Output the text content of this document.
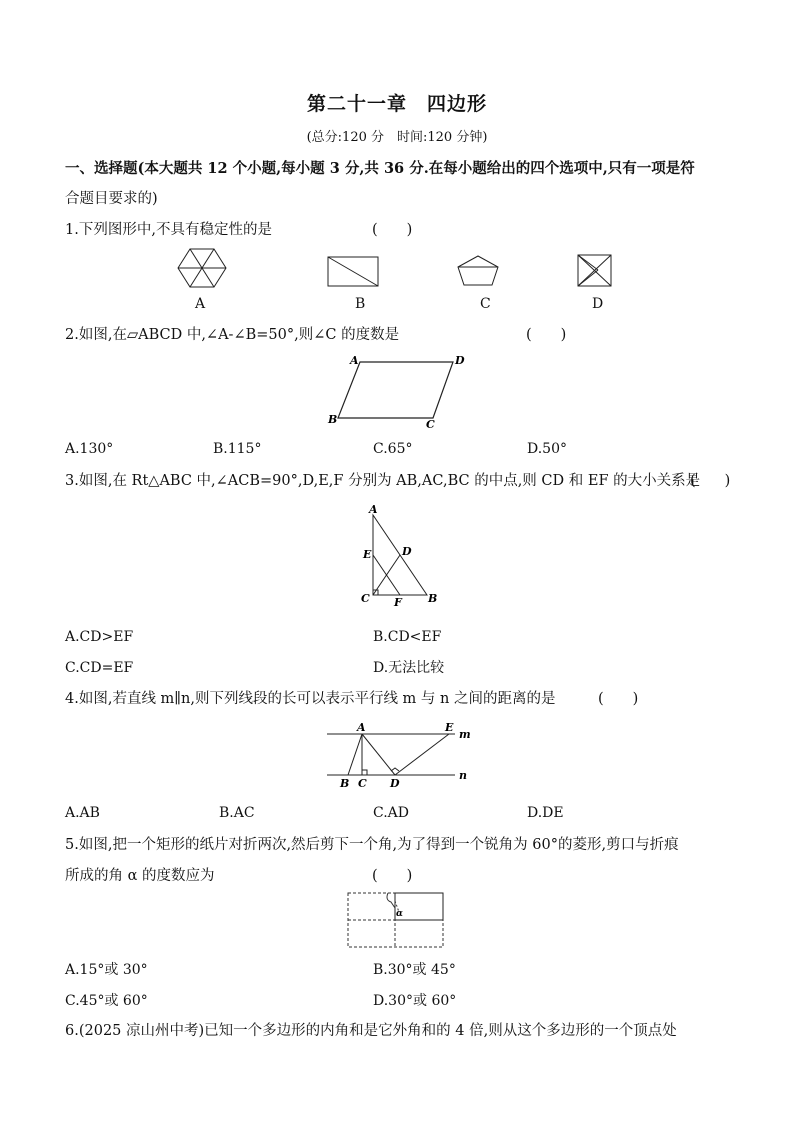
第二十一章　四边形
(总分:120 分　时间:120 分钟)
一、选择题(本大题共 12 个小题,每小题 3 分,共 36 分.在每小题给出的四个选项中,只有一项是符
合题目要求的)
1.下列图形中,不具有稳定性的是	(　　)
A	B	C	D
2.如图,在▱ABCD 中,∠A-∠B=50°,则∠C 的度数是	(　　)
A	D
B	C
A.130°	B.115°	C.65°	D.50°
3.如图,在 Rt△ABC 中,∠ACB=90°,D,E,F 分别为 AB,AC,BC 的中点,则 CD 和 EF 的大小关系是
(　　)
A
E	D
C F B
A.CD>EF	B.CD<EF
C.CD=EF	D.无法比较
4.如图,若直线 m∥n,则下列线段的长可以表示平行线 m 与 n 之间的距离的是	(　　)
A	E
m
n
B C D
A.AB	B.AC	C.AD	D.DE
5.如图,把一个矩形的纸片对折两次,然后剪下一个角,为了得到一个锐角为 60°的菱形,剪口与折痕
所成的角 α 的度数应为	(　　)
α
A.15°或 30°	B.30°或 45°
C.45°或 60°	D.30°或 60°
6.(2025 凉山州中考)已知一个多边形的内角和是它外角和的 4 倍,则从这个多边形的一个顶点处
